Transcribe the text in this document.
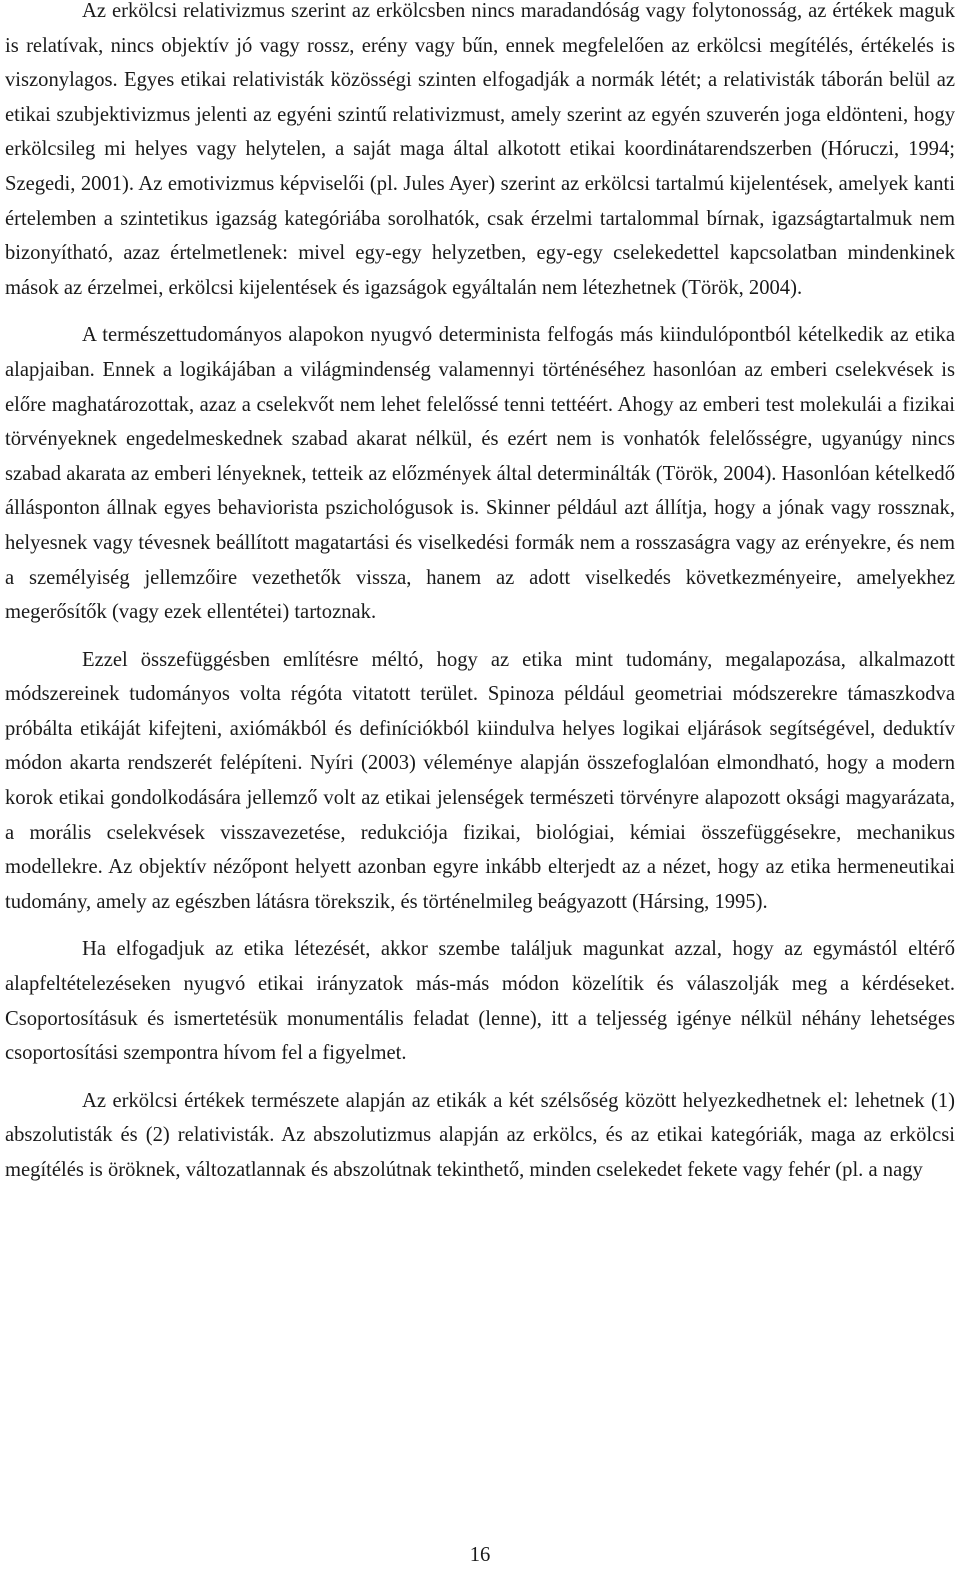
Az erkölcsi relativizmus szerint az erkölcsben nincs maradandóság vagy folytonosság, az értékek maguk is relatívak, nincs objektív jó vagy rossz, erény vagy bűn, ennek megfelelően az erkölcsi megítélés, értékelés is viszonylagos. Egyes etikai relativisták közösségi szinten elfogadják a normák létét; a relativisták táborán belül az etikai szubjektivizmus jelenti az egyéni szintű relativizmust, amely szerint az egyén szuverén joga eldönteni, hogy erkölcsileg mi helyes vagy helytelen, a saját maga által alkotott etikai koordinátarendszerben (Hóruczi, 1994; Szegedi, 2001). Az emotivizmus képviselői (pl. Jules Ayer) szerint az erkölcsi tartalmú kijelentések, amelyek kanti értelemben a szintetikus igazság kategóriába sorolhatók, csak érzelmi tartalommal bírnak, igazságtartalmuk nem bizonyítható, azaz értelmetlenek: mivel egy-egy helyzetben, egy-egy cselekedettel kapcsolatban mindenkinek mások az érzelmei, erkölcsi kijelentések és igazságok egyáltalán nem létezhetnek (Török, 2004).

A természettudományos alapokon nyugvó determinista felfogás más kiindulópontból kételkedik az etika alapjaiban. Ennek a logikájában a világmindenség valamennyi történéséhez hasonlóan az emberi cselekvések is előre maghatározottak, azaz a cselekvőt nem lehet felelőssé tenni tettéért. Ahogy az emberi test molekulái a fizikai törvényeknek engedelmeskednek szabad akarat nélkül, és ezért nem is vonhatók felelősségre, ugyanúgy nincs szabad akarata az emberi lényeknek, tetteik az előzmények által determinálták (Török, 2004). Hasonlóan kételkedő állásponton állnak egyes behaviorista pszichológusok is. Skinner például azt állítja, hogy a jónak vagy rossznak, helyesnek vagy tévesnek beállított magatartási és viselkedési formák nem a rosszaságra vagy az erényekre, és nem a személyiség jellemzőire vezethetők vissza, hanem az adott viselkedés következményeire, amelyekhez megerősítők (vagy ezek ellentétei) tartoznak.

Ezzel összefüggésben említésre méltó, hogy az etika mint tudomány, megalapozása, alkalmazott módszereinek tudományos volta régóta vitatott terület. Spinoza például geometriai módszerekre támaszkodva próbálta etikáját kifejteni, axiómákból és definíciókból kiindulva helyes logikai eljárások segítségével, deduktív módon akarta rendszerét felépíteni. Nyíri (2003) véleménye alapján összefoglalóan elmondható, hogy a modern korok etikai gondolkodására jellemző volt az etikai jelenségek természeti törvényre alapozott oksági magyarázata, a morális cselekvések visszavezetése, redukciója fizikai, biológiai, kémiai összefüggésekre, mechanikus modellekre. Az objektív nézőpont helyett azonban egyre inkább elterjedt az a nézet, hogy az etika hermeneutikai tudomány, amely az egészben látásra törekszik, és történelmileg beágyazott (Hársing, 1995).

Ha elfogadjuk az etika létezését, akkor szembe találjuk magunkat azzal, hogy az egymástól eltérő alapfeltételezéseken nyugvó etikai irányzatok más-más módon közelítik és válaszolják meg a kérdéseket. Csoportosításuk és ismertetésük monumentális feladat (lenne), itt a teljesség igénye nélkül néhány lehetséges csoportosítási szempontra hívom fel a figyelmet.

Az erkölcsi értékek természete alapján az etikák a két szélsőség között helyezkedhetnek el: lehetnek (1) abszolutisták és (2) relativisták. Az abszolutizmus alapján az erkölcs, és az etikai kategóriák, maga az erkölcsi megítélés is öröknek, változatlannak és abszolútnak tekinthető, minden cselekedet fekete vagy fehér (pl. a nagy

16
